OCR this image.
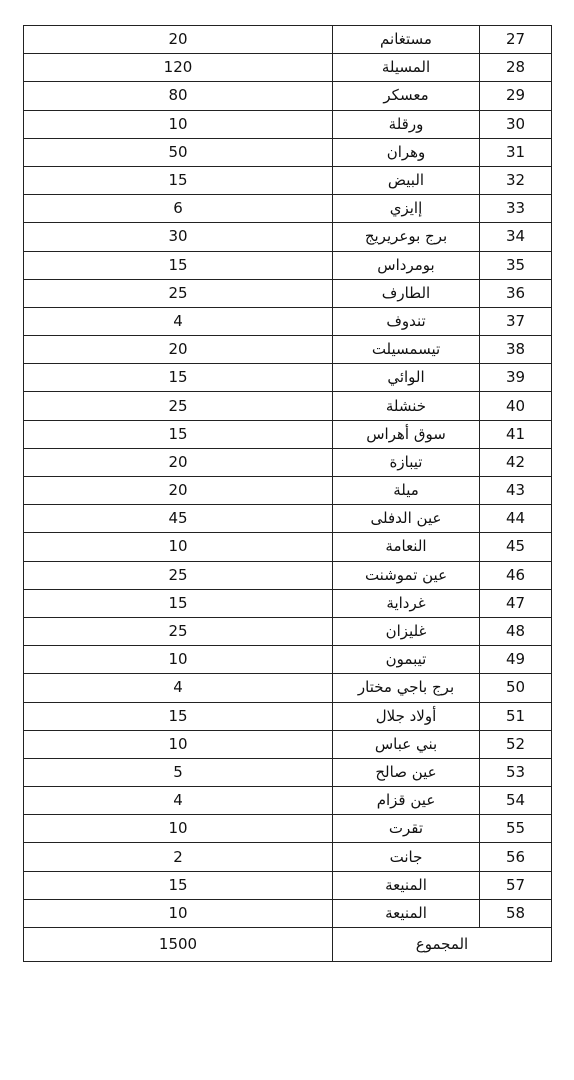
20	مستغانم	27
120	المسيلة	28
80	معسكر	29
10	ورقلة	30
50	وهران	31
15	البيض	32
6	إايزي	33
30	برج بوعريريج	34
15	بومرداس	35
25	الطارف	36
4	تندوف	37
20	تيسمسيلت	38
15	الوائي	39
25	خنشلة	40
15	سوق أهراس	41
20	تيبازة	42
20	ميلة	43
45	عين الدفلى	44
10	النعامة	45
25	عين تموشنت	46
15	غرداية	47
25	غليزان	48
10	تيبمون	49
4	برج باجي مختار	50
15	أولاد جلال	51
10	بني عباس	52
5	عين صالح	53
4	عين قزام	54
10	تقرت	55
2	جانت	56
15	المنيعة	57
10	المنيعة	58
1500	المجموع	
